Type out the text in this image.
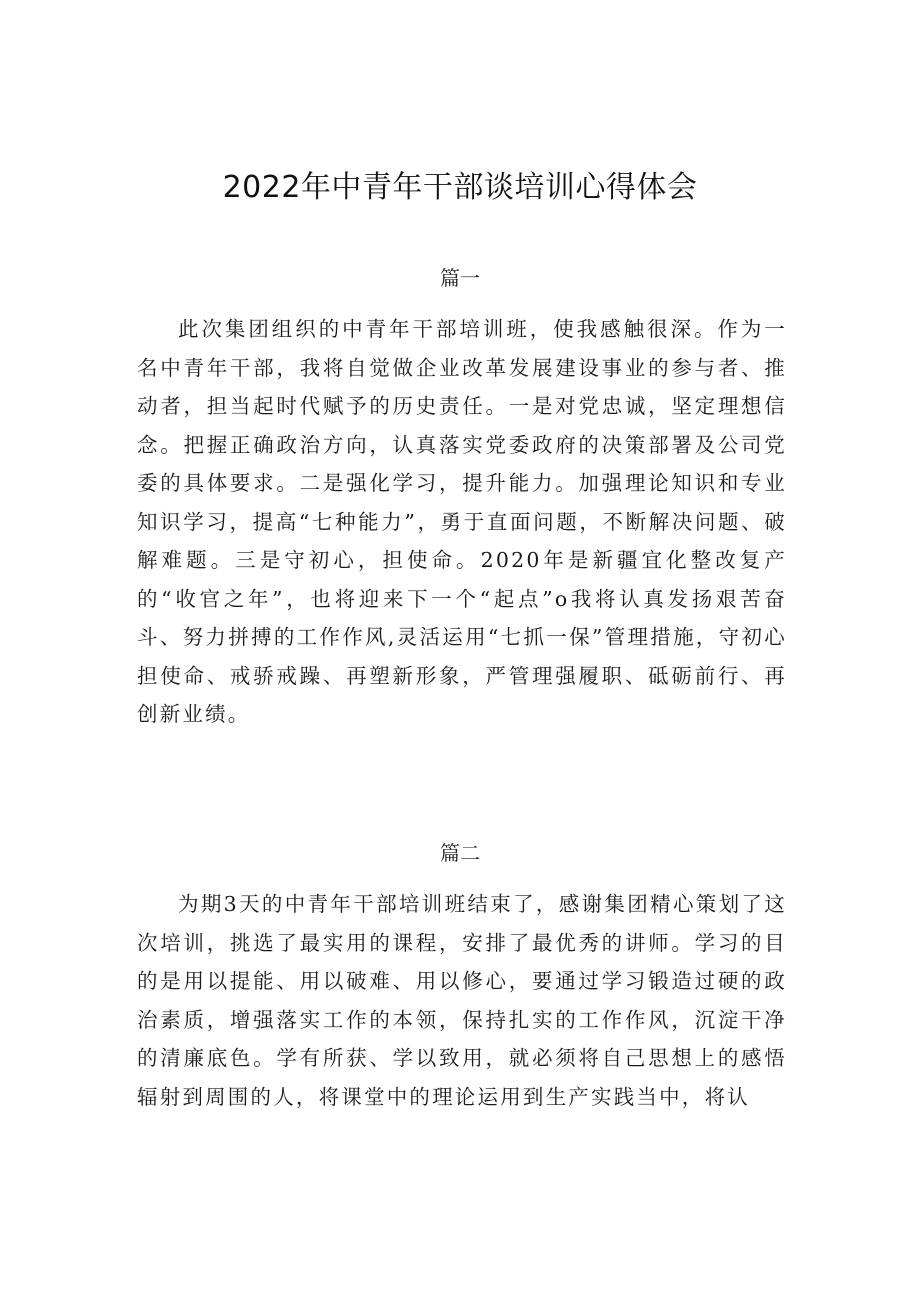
2022年中青年干部谈培训心得体会
篇一

此次集团组织的中青年干部培训班，使我感触很深。作为一名中青年干部，我将自觉做企业改革发展建设事业的参与者、推动者，担当起时代赋予的历史责任。一是对党忠诚，坚定理想信念。把握正确政治方向，认真落实党委政府的决策部署及公司党委的具体要求。二是强化学习，提升能力。加强理论知识和专业知识学习，提高“七种能力”，勇于直面问题，不断解决问题、破解难题。三是守初心，担使命。2020年是新疆宜化整改复产的“收官之年”，也将迎来下一个“起点”o我将认真发扬艰苦奋斗、努力拼搏的工作作风,灵活运用“七抓一保”管理措施，守初心担使命、戒骄戒躁、再塑新形象，严管理强履职、砥砺前行、再创新业绩。

篇二

为期3天的中青年干部培训班结束了，感谢集团精心策划了这次培训，挑选了最实用的课程，安排了最优秀的讲师。学习的目的是用以提能、用以破难、用以修心，要通过学习锻造过硬的政治素质，增强落实工作的本领，保持扎实的工作作风，沉淀干净的清廉底色。学有所获、学以致用，就必须将自己思想上的感悟辐射到周围的人，将课堂中的理论运用到生产实践当中，将认
